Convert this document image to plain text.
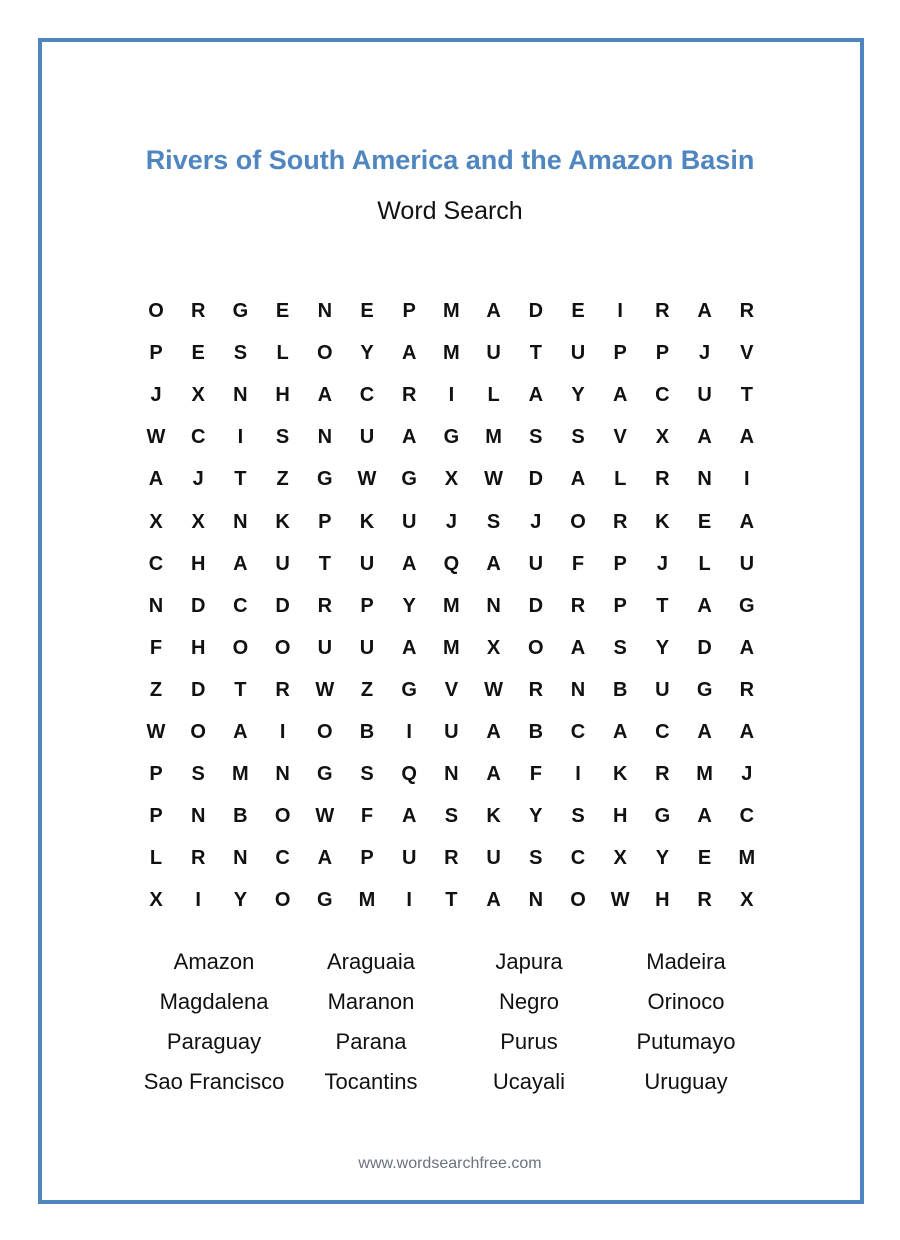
Rivers of South America and the Amazon Basin
Word Search
O	R	G	E	N	E	P	M	A	D	E	I	R	A	R
P	E	S	L	O	Y	A	M	U	T	U	P	P	J	V
J	X	N	H	A	C	R	I	L	A	Y	A	C	U	T
W	C	I	S	N	U	A	G	M	S	S	V	X	A	A
A	J	T	Z	G	W	G	X	W	D	A	L	R	N	I
X	X	N	K	P	K	U	J	S	J	O	R	K	E	A
C	H	A	U	T	U	A	Q	A	U	F	P	J	L	U
N	D	C	D	R	P	Y	M	N	D	R	P	T	A	G
F	H	O	O	U	U	A	M	X	O	A	S	Y	D	A
Z	D	T	R	W	Z	G	V	W	R	N	B	U	G	R
W	O	A	I	O	B	I	U	A	B	C	A	C	A	A
P	S	M	N	G	S	Q	N	A	F	I	K	R	M	J
P	N	B	O	W	F	A	S	K	Y	S	H	G	A	C
L	R	N	C	A	P	U	R	U	S	C	X	Y	E	M
X	I	Y	O	G	M	I	T	A	N	O	W	H	R	X
Amazon	Araguaia	Japura	Madeira
Magdalena	Maranon	Negro	Orinoco
Paraguay	Parana	Purus	Putumayo
Sao Francisco	Tocantins	Ucayali	Uruguay
www.wordsearchfree.com
